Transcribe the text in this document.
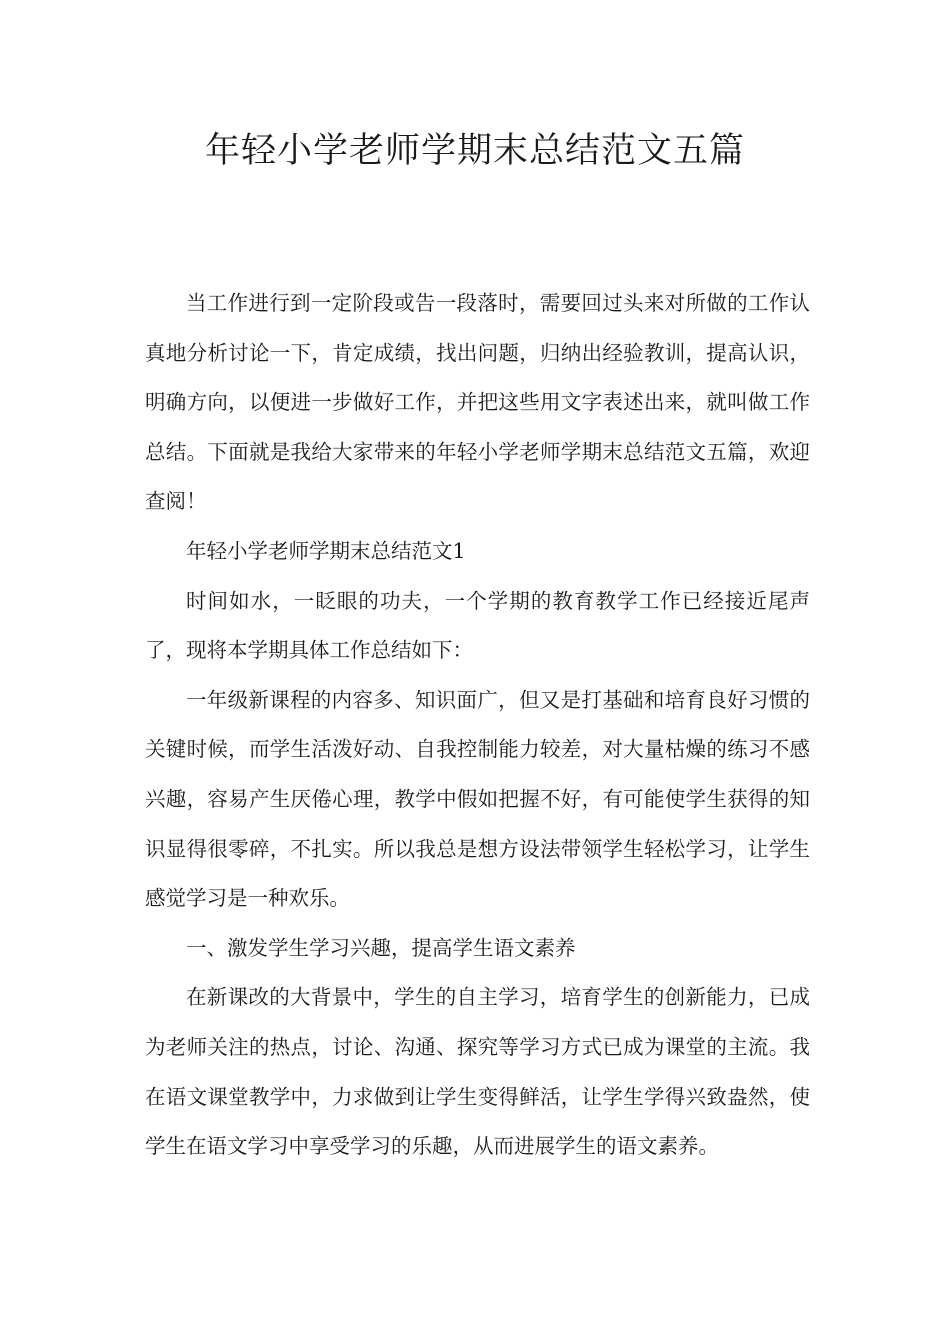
年轻小学老师学期末总结范文五篇

当工作进行到一定阶段或告一段落时，需要回过头来对所做的工作认真地分析讨论一下，肯定成绩，找出问题，归纳出经验教训，提高认识，明确方向，以便进一步做好工作，并把这些用文字表述出来，就叫做工作总结。下面就是我给大家带来的年轻小学老师学期末总结范文五篇，欢迎查阅！

年轻小学老师学期末总结范文1

时间如水，一眨眼的功夫，一个学期的教育教学工作已经接近尾声了，现将本学期具体工作总结如下：

一年级新课程的内容多、知识面广，但又是打基础和培育良好习惯的关键时候，而学生活泼好动、自我控制能力较差，对大量枯燥的练习不感兴趣，容易产生厌倦心理，教学中假如把握不好，有可能使学生获得的知识显得很零碎，不扎实。所以我总是想方设法带领学生轻松学习，让学生感觉学习是一种欢乐。

一、激发学生学习兴趣，提高学生语文素养

在新课改的大背景中，学生的自主学习，培育学生的创新能力，已成为老师关注的热点，讨论、沟通、探究等学习方式已成为课堂的主流。我在语文课堂教学中，力求做到让学生变得鲜活，让学生学得兴致盎然，使学生在语文学习中享受学习的乐趣，从而进展学生的语文素养。
